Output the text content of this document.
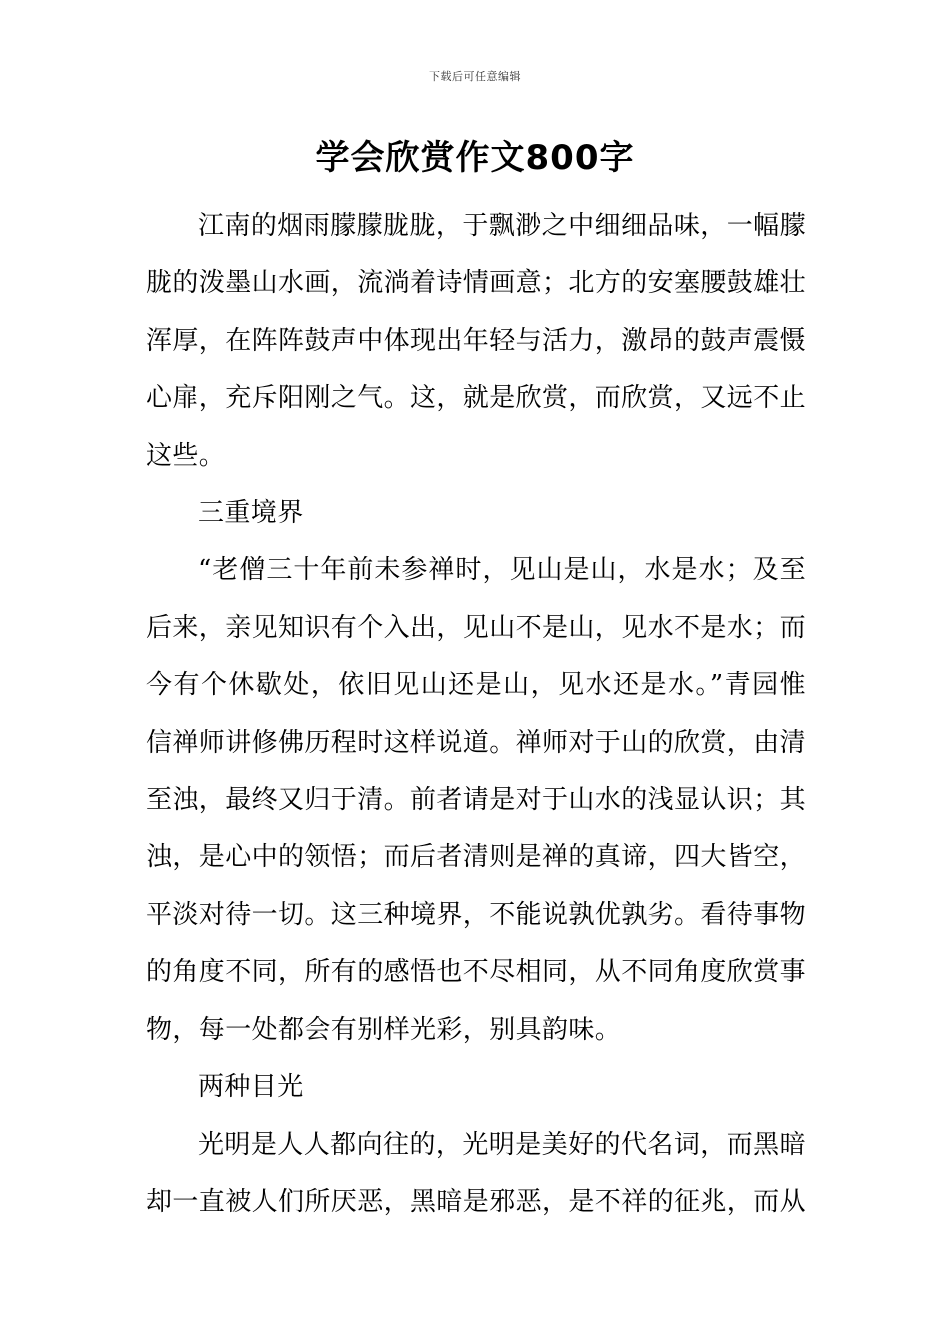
下载后可任意编辑
学会欣赏作文800字

江南的烟雨朦朦胧胧，于飘渺之中细细品味，一幅朦胧的泼墨山水画，流淌着诗情画意；北方的安塞腰鼓雄壮浑厚，在阵阵鼓声中体现出年轻与活力，激昂的鼓声震慑心扉，充斥阳刚之气。这，就是欣赏，而欣赏，又远不止这些。

三重境界

“老僧三十年前未参禅时，见山是山，水是水；及至后来，亲见知识有个入出，见山不是山，见水不是水；而今有个休歇处，依旧见山还是山，见水还是水。”青园惟信禅师讲修佛历程时这样说道。禅师对于山的欣赏，由清至浊，最终又归于清。前者请是对于山水的浅显认识；其浊，是心中的领悟；而后者清则是禅的真谛，四大皆空，平淡对待一切。这三种境界，不能说孰优孰劣。看待事物的角度不同，所有的感悟也不尽相同，从不同角度欣赏事物，每一处都会有别样光彩，别具韵味。

两种目光

光明是人人都向往的，光明是美好的代名词，而黑暗却一直被人们所厌恶，黑暗是邪恶，是不祥的征兆，而从
